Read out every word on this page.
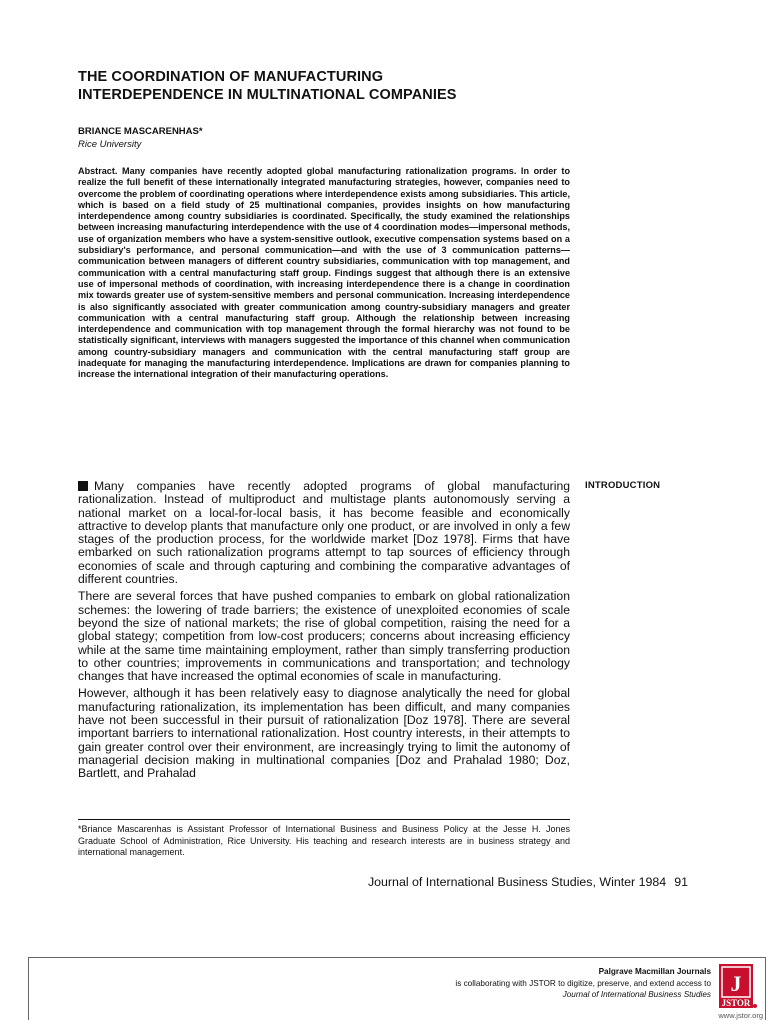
THE COORDINATION OF MANUFACTURING
INTERDEPENDENCE IN MULTINATIONAL COMPANIES
BRIANCE MASCARENHAS*
Rice University

Abstract. Many companies have recently adopted global manufacturing rationalization programs. In order to realize the full benefit of these internationally integrated manufacturing strategies, however, companies need to overcome the problem of coordinating operations where interdependence exists among subsidiaries. This article, which is based on a field study of 25 multinational companies, provides insights on how manufacturing interdependence among country subsidiaries is coordinated. Specifically, the study examined the relationships between increasing manufacturing interdependence with the use of 4 coordination modes—impersonal methods, use of organization members who have a system-sensitive outlook, executive compensation systems based on a subsidiary's performance, and personal communication—and with the use of 3 communication patterns—communication between managers of different country subsidiaries, communication with top management, and communication with a central manufacturing staff group. Findings suggest that although there is an extensive use of impersonal methods of coordination, with increasing interdependence there is a change in coordination mix towards greater use of system-sensitive members and personal communication. Increasing interdependence is also significantly associated with greater communication among country-subsidiary managers and greater communication with a central manufacturing staff group. Although the relationship between increasing interdependence and communication with top management through the formal hierarchy was not found to be statistically significant, interviews with managers suggested the importance of this channel when communication among country-subsidiary managers and communication with the central manufacturing staff group are inadequate for managing the manufacturing interdependence. Implications are drawn for companies planning to increase the international integration of their manufacturing operations.

INTRODUCTION

Many companies have recently adopted programs of global manufacturing rationalization. Instead of multiproduct and multistage plants autonomously serving a national market on a local-for-local basis, it has become feasible and economically attractive to develop plants that manufacture only one product, or are involved in only a few stages of the production process, for the worldwide market [Doz 1978]. Firms that have embarked on such rationalization programs attempt to tap sources of efficiency through economies of scale and through capturing and combining the comparative advantages of different countries.

There are several forces that have pushed companies to embark on global rationalization schemes: the lowering of trade barriers; the existence of unexploited economies of scale beyond the size of national markets; the rise of global competition, raising the need for a global stategy; competition from low-cost producers; concerns about increasing efficiency while at the same time maintaining employment, rather than simply transferring production to other countries; improvements in communications and transportation; and technology changes that have increased the optimal economies of scale in manufacturing.

However, although it has been relatively easy to diagnose analytically the need for global manufacturing rationalization, its implementation has been difficult, and many companies have not been successful in their pursuit of rationalization [Doz 1978]. There are several important barriers to international rationalization. Host country interests, in their attempts to gain greater control over their environment, are increasingly trying to limit the autonomy of managerial decision making in multinational companies [Doz and Prahalad 1980; Doz, Bartlett, and Prahalad

*Briance Mascarenhas is Assistant Professor of International Business and Business Policy at the Jesse H. Jones Graduate School of Administration, Rice University. His teaching and research interests are in business strategy and international management.

Journal of International Business Studies, Winter 1984 91
Palgrave Macmillan Journals
is collaborating with JSTOR to digitize, preserve, and extend access to
Journal of International Business Studies J
JSTOR
www.jstor.org
